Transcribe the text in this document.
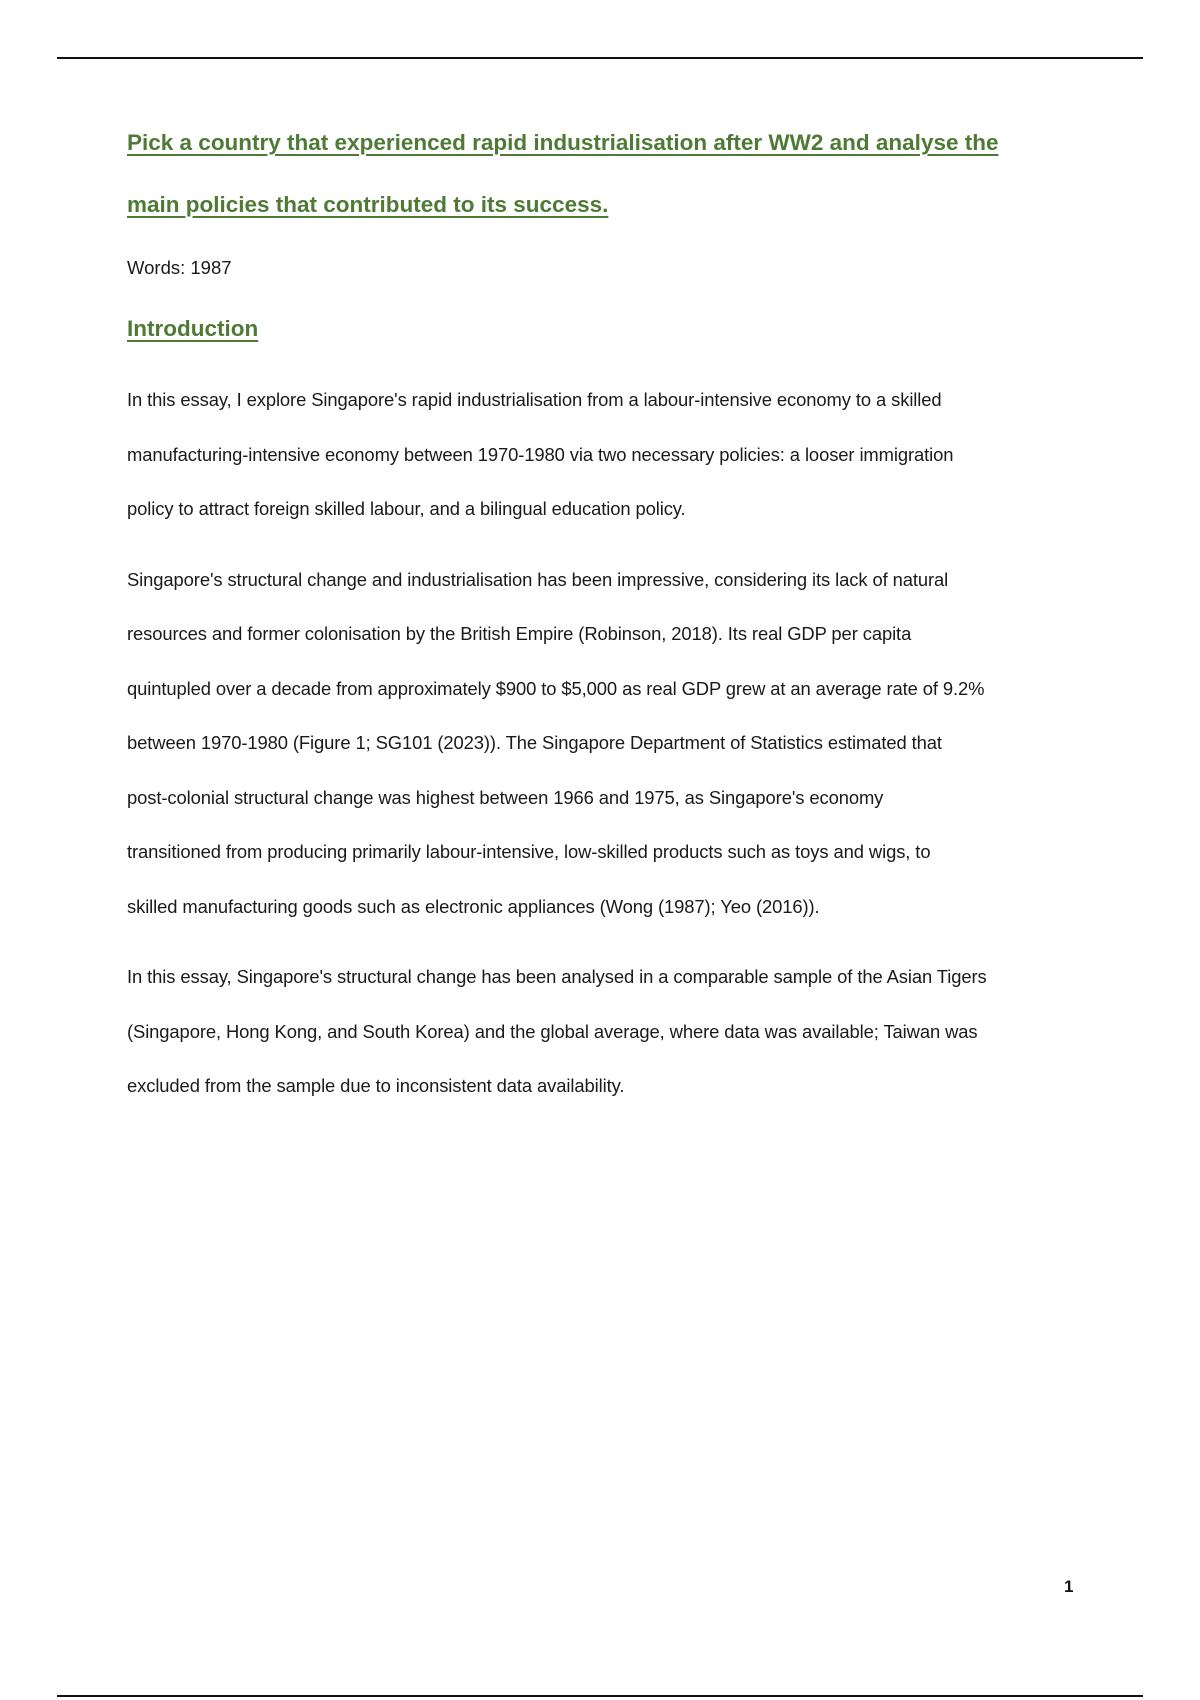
Pick a country that experienced rapid industrialisation after WW2 and analyse the
main policies that contributed to its success.

Words: 1987

Introduction

In this essay, I explore Singapore's rapid industrialisation from a labour-intensive economy to a skilled
manufacturing-intensive economy between 1970-1980 via two necessary policies: a looser immigration
policy to attract foreign skilled labour, and a bilingual education policy.

Singapore's structural change and industrialisation has been impressive, considering its lack of natural
resources and former colonisation by the British Empire (Robinson, 2018). Its real GDP per capita
quintupled over a decade from approximately $900 to $5,000 as real GDP grew at an average rate of 9.2%
between 1970-1980 (Figure 1; SG101 (2023)). The Singapore Department of Statistics estimated that
post-colonial structural change was highest between 1966 and 1975, as Singapore's economy
transitioned from producing primarily labour-intensive, low-skilled products such as toys and wigs, to
skilled manufacturing goods such as electronic appliances (Wong (1987); Yeo (2016)).

In this essay, Singapore's structural change has been analysed in a comparable sample of the Asian Tigers
(Singapore, Hong Kong, and South Korea) and the global average, where data was available; Taiwan was
excluded from the sample due to inconsistent data availability.

1
